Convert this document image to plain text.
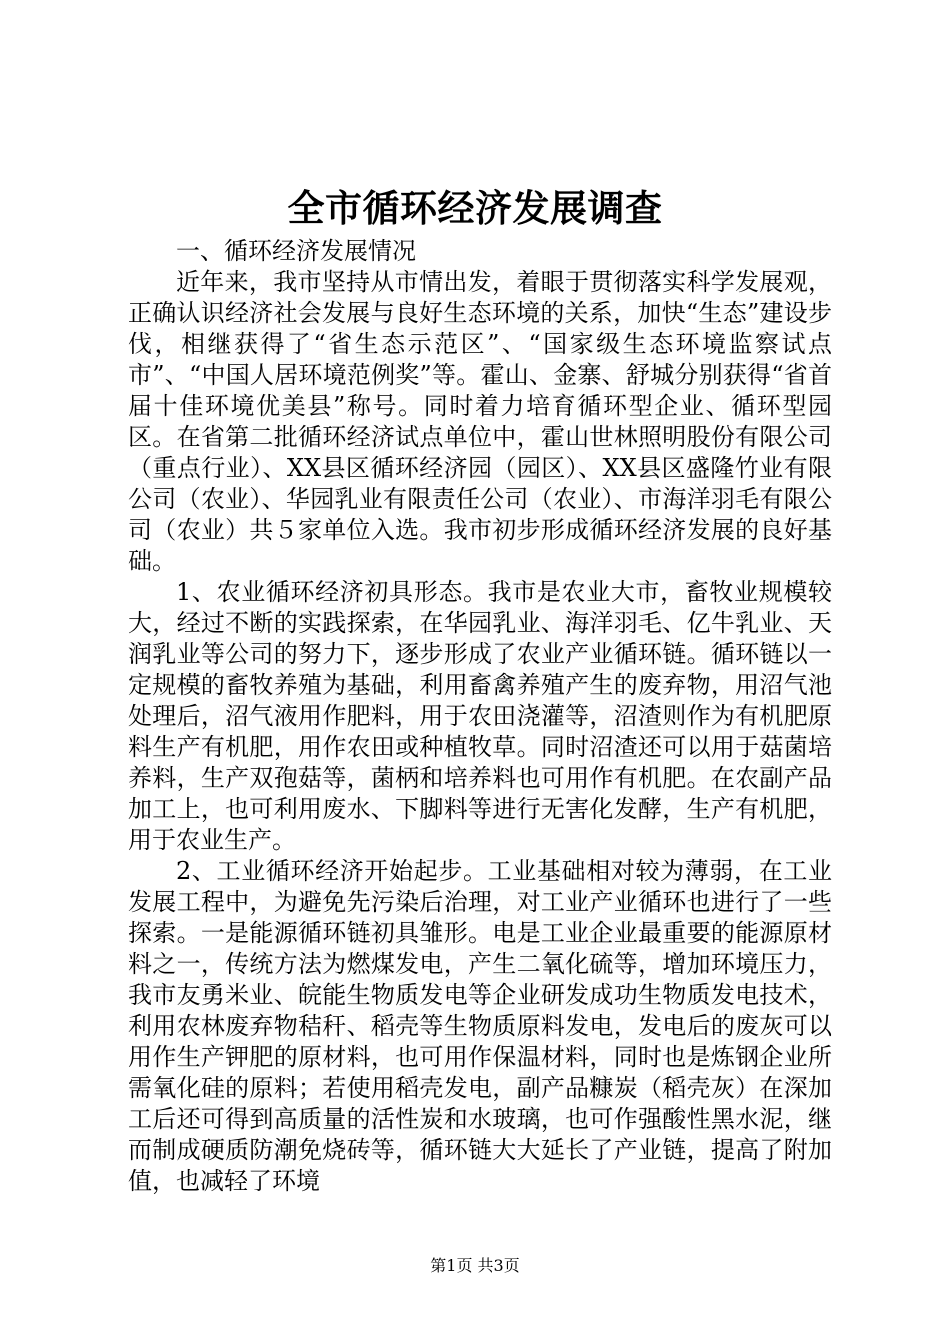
全市循环经济发展调查

一、循环经济发展情况

近年来，我市坚持从市情出发，着眼于贯彻落实科学发展观，正确认识经济社会发展与良好生态环境的关系，加快“生态”建设步伐，相继获得了“省生态示范区”、“国家级生态环境监察试点市”、“中国人居环境范例奖”等。霍山、金寨、舒城分别获得“省首届十佳环境优美县”称号。同时着力培育循环型企业、循环型园区。在省第二批循环经济试点单位中，霍山世林照明股份有限公司（重点行业）、XX县区循环经济园（园区）、XX县区盛隆竹业有限公司（农业）、华园乳业有限责任公司（农业）、市海洋羽毛有限公司（农业）共５家单位入选。我市初步形成循环经济发展的良好基础。

1、农业循环经济初具形态。我市是农业大市，畜牧业规模较大，经过不断的实践探索，在华园乳业、海洋羽毛、亿牛乳业、天润乳业等公司的努力下，逐步形成了农业产业循环链。循环链以一定规模的畜牧养殖为基础，利用畜禽养殖产生的废弃物，用沼气池处理后，沼气液用作肥料，用于农田浇灌等，沼渣则作为有机肥原料生产有机肥，用作农田或种植牧草。同时沼渣还可以用于菇菌培养料，生产双孢菇等，菌柄和培养料也可用作有机肥。在农副产品加工上，也可利用废水、下脚料等进行无害化发酵，生产有机肥，用于农业生产。

2、工业循环经济开始起步。工业基础相对较为薄弱，在工业发展工程中，为避免先污染后治理，对工业产业循环也进行了一些探索。一是能源循环链初具雏形。电是工业企业最重要的能源原材料之一，传统方法为燃煤发电，产生二氧化硫等，增加环境压力，我市友勇米业、皖能生物质发电等企业研发成功生物质发电技术，利用农林废弃物秸秆、稻壳等生物质原料发电，发电后的废灰可以用作生产钾肥的原材料，也可用作保温材料，同时也是炼钢企业所需氧化硅的原料；若使用稻壳发电，副产品糠炭（稻壳灰）在深加工后还可得到高质量的活性炭和水玻璃，也可作强酸性黑水泥，继而制成硬质防潮免烧砖等，循环链大大延长了产业链，提高了附加值，也减轻了环境

第1页 共3页
